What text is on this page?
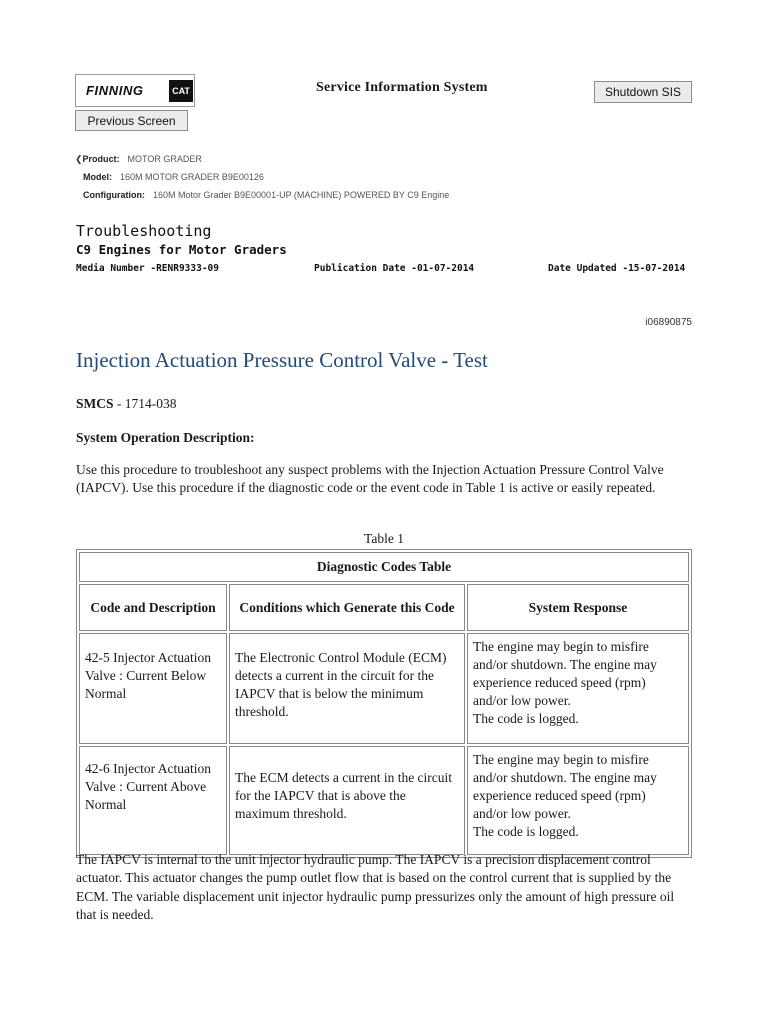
FINNING	CAT	Service Information System	Shutdown SIS
Previous Screen
❮Product: MOTOR GRADER
Model: 160M MOTOR GRADER B9E00126
Configuration: 160M Motor Grader B9E00001-UP (MACHINE) POWERED BY C9 Engine
Troubleshooting
C9 Engines for Motor Graders
Media Number -RENR9333-09	Publication Date -01-07-2014	Date Updated -15-07-2014
i06890875
Injection Actuation Pressure Control Valve - Test
SMCS - 1714-038
System Operation Description:
Use this procedure to troubleshoot any suspect problems with the Injection Actuation Pressure Control Valve (IAPCV). Use this procedure if the diagnostic code or the event code in Table 1 is active or easily repeated.
Table 1
Diagnostic Codes Table		
Code and Description	Conditions which Generate this Code	System Response
42-5 Injector Actuation Valve : Current Below Normal	The Electronic Control Module (ECM) detects a current in the circuit for the IAPCV that is below the minimum threshold.	The engine may begin to misfire and/or shutdown. The engine may experience reduced speed (rpm) and/or low power.
The code is logged.

42-6 Injector Actuation Valve : Current Above Normal	The ECM detects a current in the circuit for the IAPCV that is above the maximum threshold.	The engine may begin to misfire and/or shutdown. The engine may experience reduced speed (rpm) and/or low power.
The code is logged.
The IAPCV is internal to the unit injector hydraulic pump. The IAPCV is a precision displacement control actuator. This actuator changes the pump outlet flow that is based on the control current that is supplied by the ECM. The variable displacement unit injector hydraulic pump pressurizes only the amount of high pressure oil that is needed.
